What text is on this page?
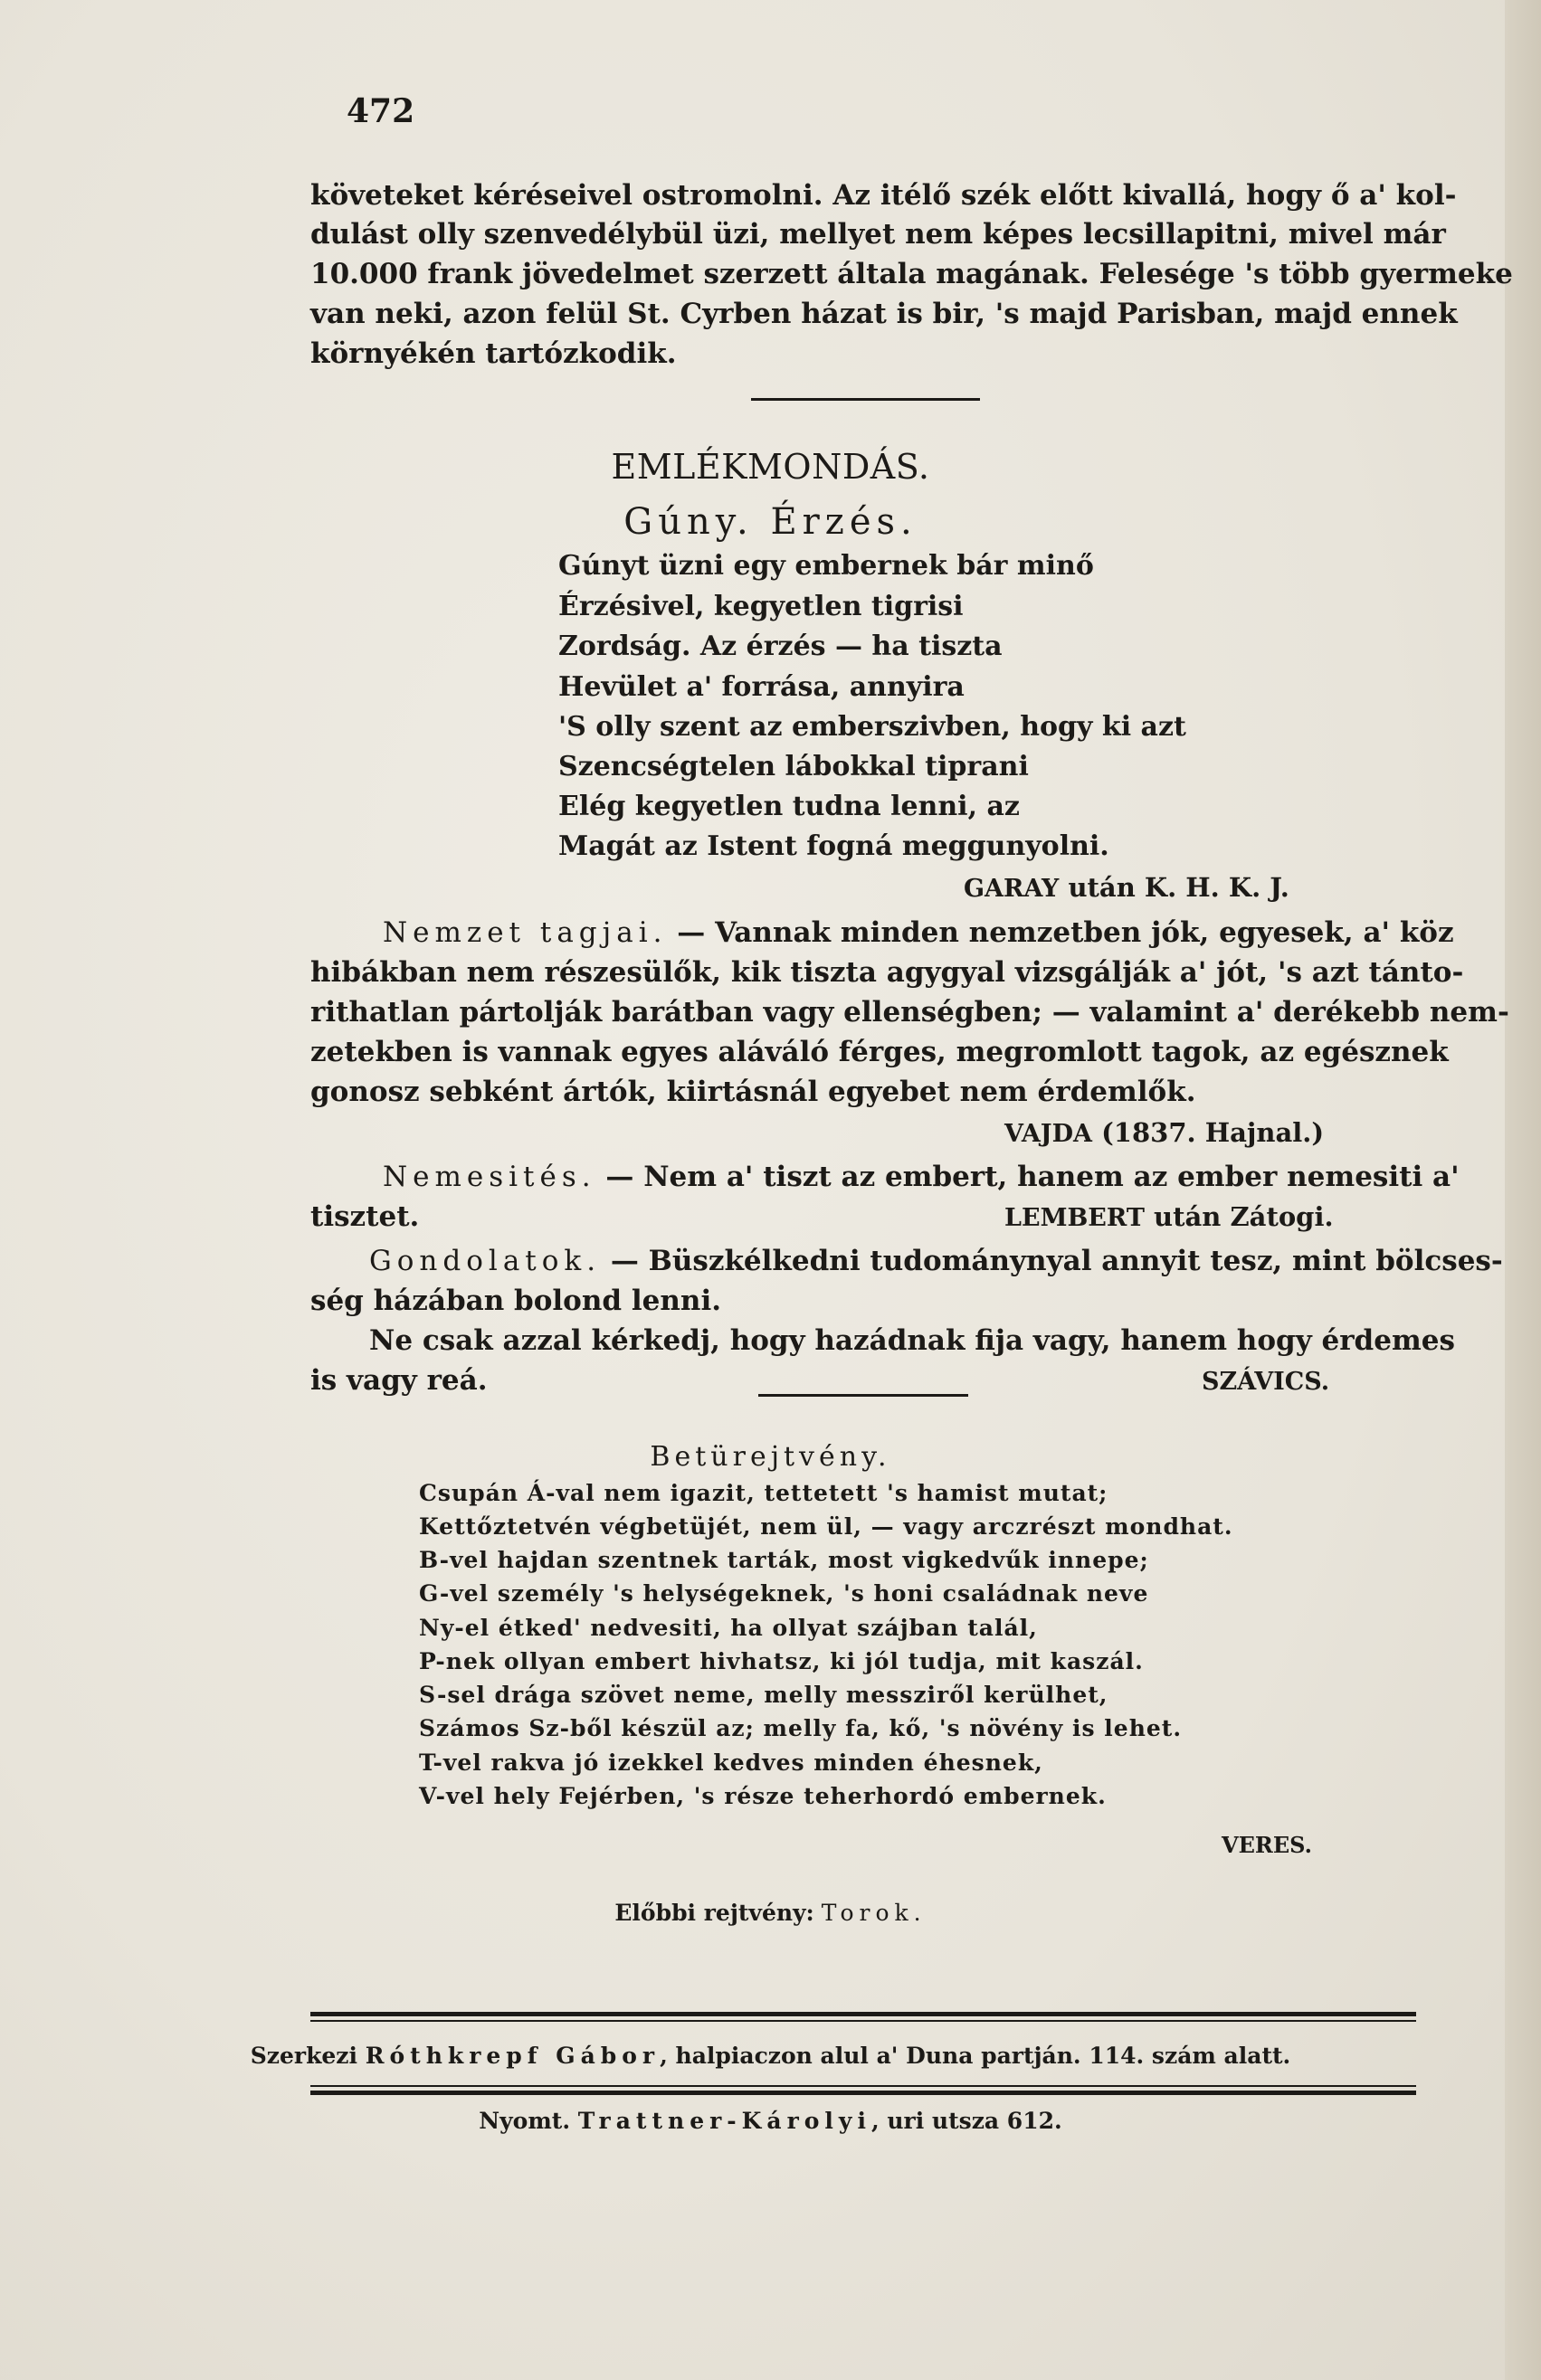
472
követeket kéréseivel ostromolni. Az itélő szék előtt kivallá, hogy ő a' kol-
dulást olly szenvedélybül üzi, mellyet nem képes lecsillapitni, mivel már
10.000 frank jövedelmet szerzett általa magának. Felesége 's több gyermeke
van neki, azon felül St. Cyrben házat is bir, 's majd Parisban, majd ennek
környékén tartózkodik.
EMLÉKMONDÁS.
Gúny. Érzés.
Gúnyt üzni egy embernek bár minő
Érzésivel, kegyetlen tigrisi
Zordság. Az érzés — ha tiszta
Hevület a' forrása, annyira
'S olly szent az emberszivben, hogy ki azt
Szencségtelen lábokkal tiprani
Elég kegyetlen tudna lenni, az
Magát az Istent fogná meggunyolni.
GARAY után K. H. K. J.
Nemzet tagjai. — Vannak minden nemzetben jók, egyesek, a' köz
hibákban nem részesülők, kik tiszta agygyal vizsgálják a' jót, 's azt tánto-
rithatlan pártolják barátban vagy ellenségben; — valamint a' derékebb nem-
zetekben is vannak egyes aláváló férges, megromlott tagok, az egésznek
gonosz sebként ártók, kiirtásnál egyebet nem érdemlők.
VAJDA (1837. Hajnal.)
Nemesités. — Nem a' tiszt az embert, hanem az ember nemesiti a'
tisztet.	LEMBERT után Zátogi.
Gondolatok. — Büszkélkedni tudománynyal annyit tesz, mint bölcses-
ség házában bolond lenni.
Ne csak azzal kérkedj, hogy hazádnak fija vagy, hanem hogy érdemes
is vagy reá.	SZÁVICS.
Betürejtvény.
Csupán Á-val nem igazit, tettetett 's hamist mutat;
Kettőztetvén végbetüjét, nem ül, — vagy arczrészt mondhat.
B-vel hajdan szentnek tarták, most vigkedvűk innepe;
G-vel személy 's helységeknek, 's honi családnak neve
Ny-el étked' nedvesiti, ha ollyat szájban talál,
P-nek ollyan embert hivhatsz, ki jól tudja, mit kaszál.
S-sel drága szövet neme, melly messziről kerülhet,
Számos Sz-ből készül az; melly fa, kő, 's növény is lehet.
T-vel rakva jó izekkel kedves minden éhesnek,
V-vel hely Fejérben, 's része teherhordó embernek.
VERES.
Előbbi rejtvény: Torok.
Szerkezi Róthkrepf Gábor, halpiaczon alul a' Duna partján. 114. szám alatt.
Nyomt. Trattner-Károlyi, uri utsza 612.
